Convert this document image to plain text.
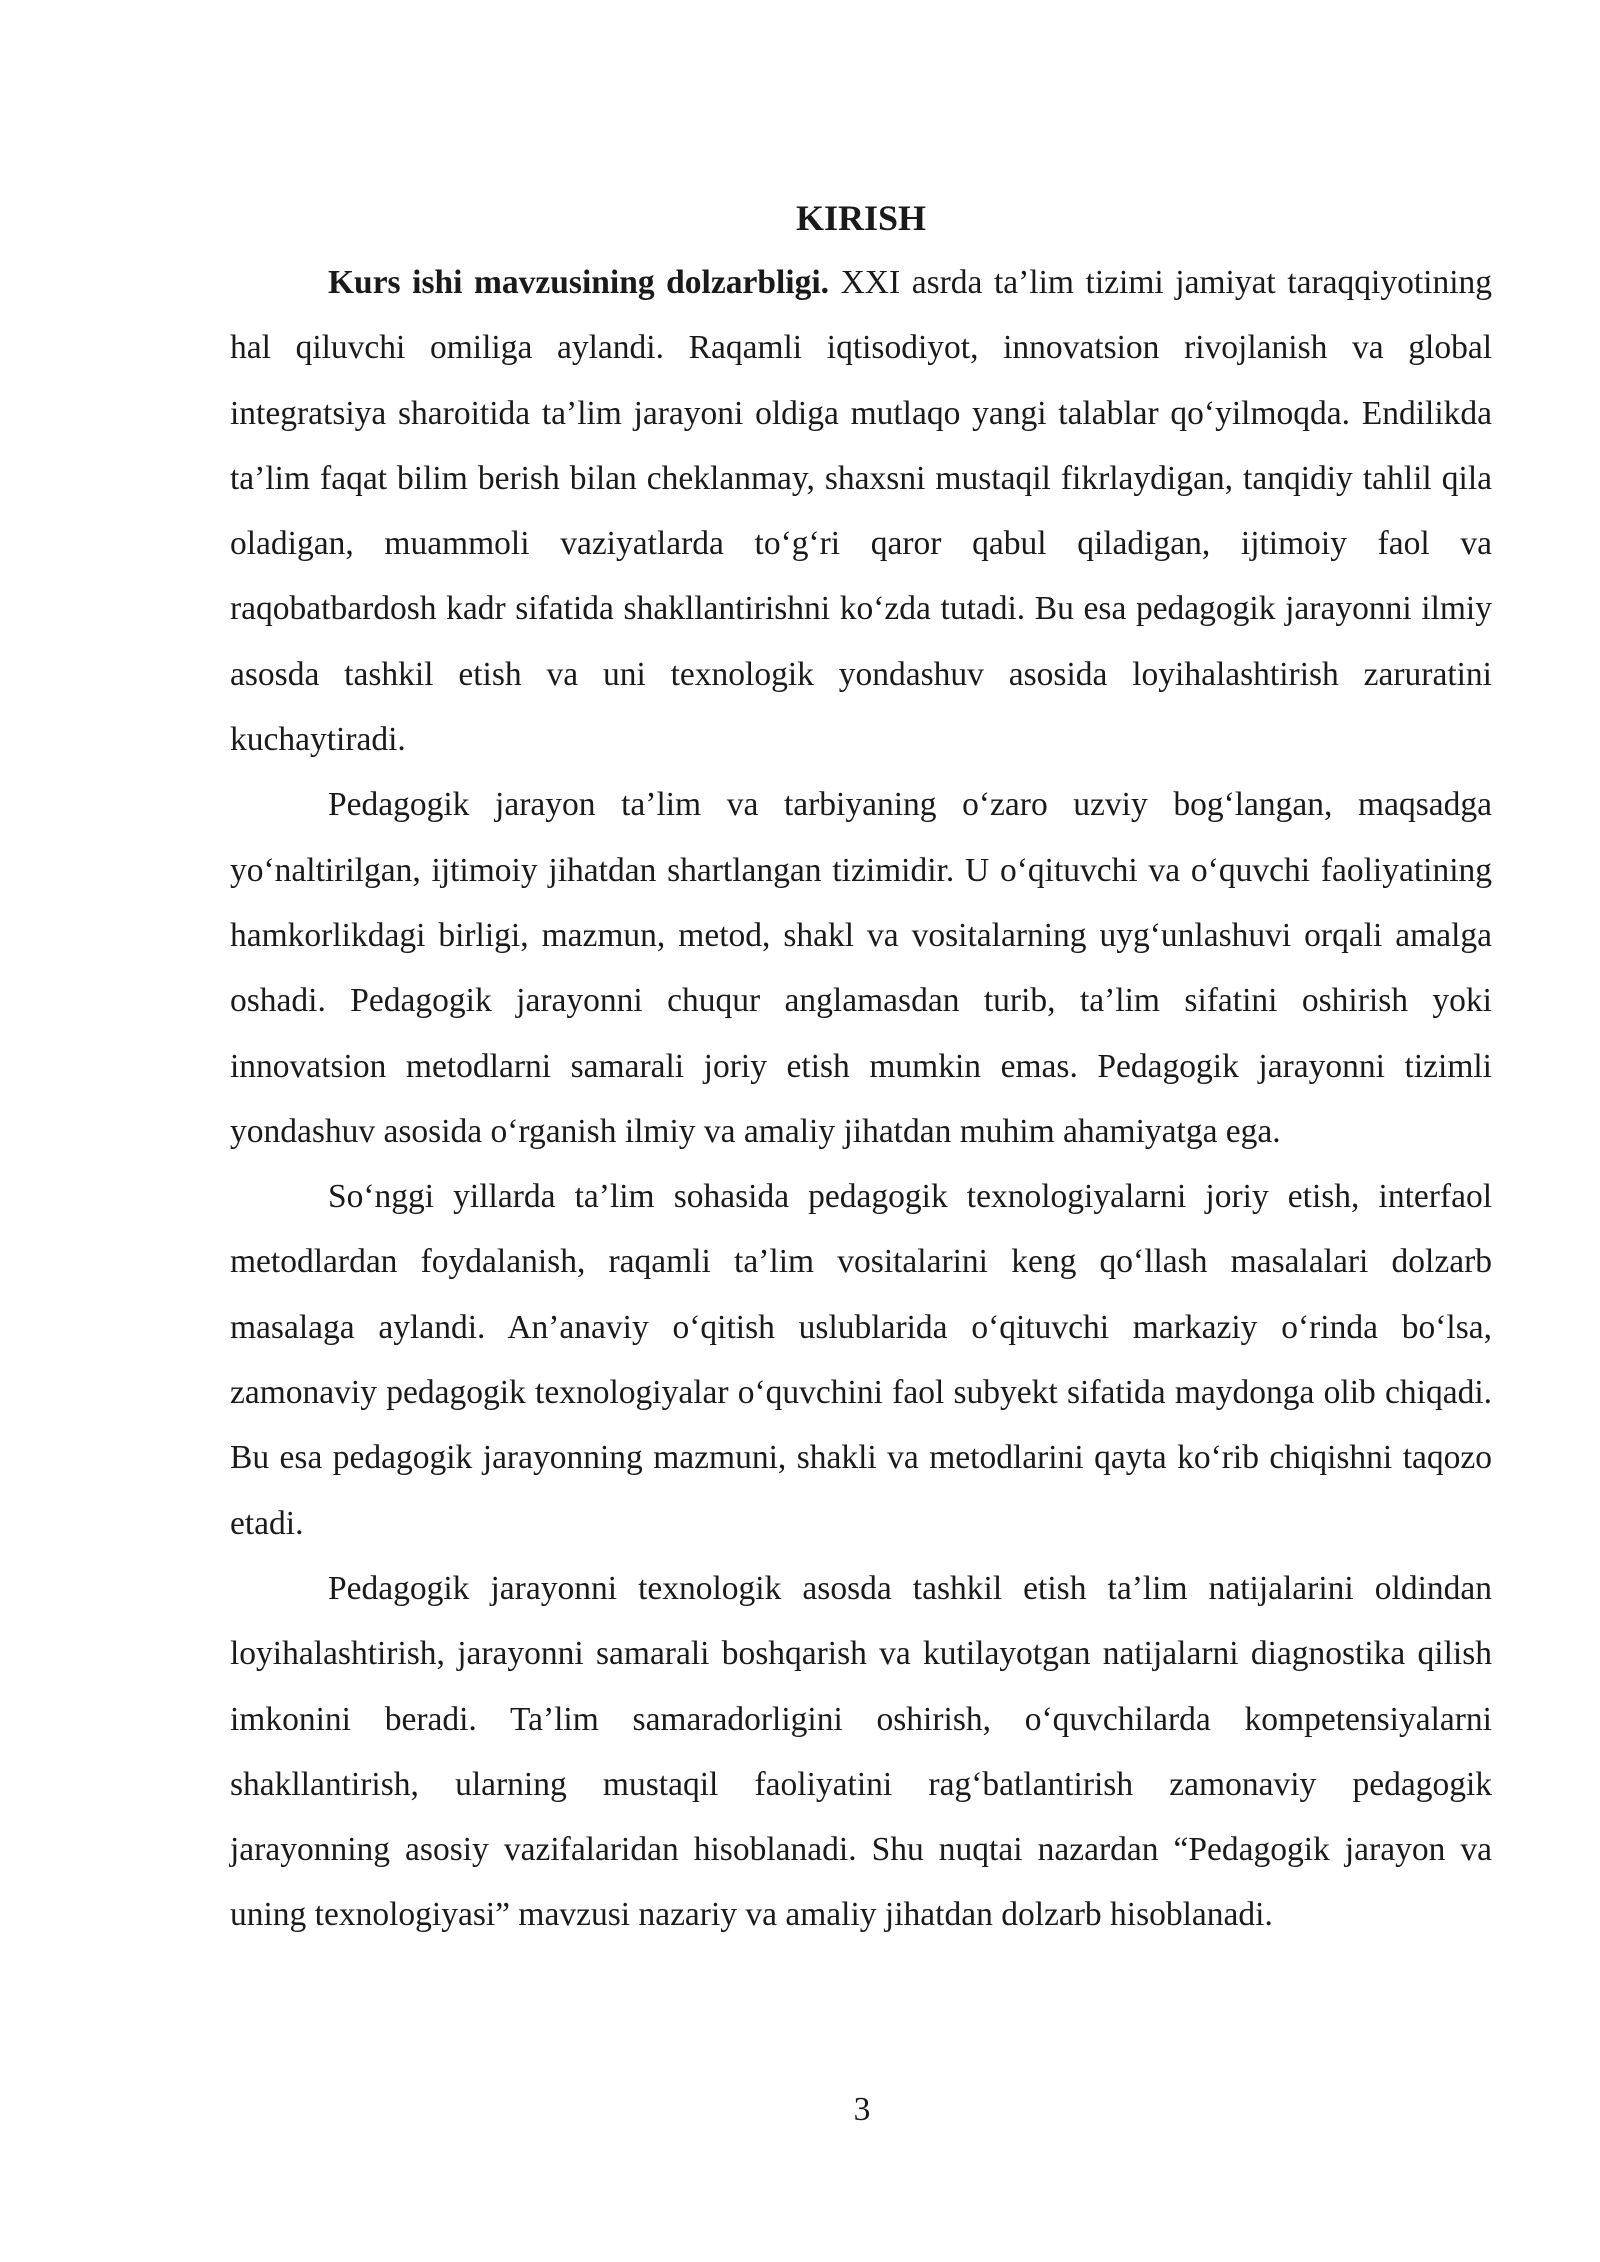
KIRISH

Kurs ishi mavzusining dolzarbligi. XXI asrda ta’lim tizimi jamiyat taraqqiyotining hal qiluvchi omiliga aylandi. Raqamli iqtisodiyot, innovatsion rivojlanish va global integratsiya sharoitida ta’lim jarayoni oldiga mutlaqo yangi talablar qo‘yilmoqda. Endilikda ta’lim faqat bilim berish bilan cheklanmay, shaxsni mustaqil fikrlaydigan, tanqidiy tahlil qila oladigan, muammoli vaziyatlarda to‘g‘ri qaror qabul qiladigan, ijtimoiy faol va raqobatbardosh kadr sifatida shakllantirishni ko‘zda tutadi. Bu esa pedagogik jarayonni ilmiy asosda tashkil etish va uni texnologik yondashuv asosida loyihalashtirish zaruratini kuchaytiradi.

Pedagogik jarayon ta’lim va tarbiyaning o‘zaro uzviy bog‘langan, maqsadga yo‘naltirilgan, ijtimoiy jihatdan shartlangan tizimidir. U o‘qituvchi va o‘quvchi faoliyatining hamkorlikdagi birligi, mazmun, metod, shakl va vositalarning uyg‘unlashuvi orqali amalga oshadi. Pedagogik jarayonni chuqur anglamasdan turib, ta’lim sifatini oshirish yoki innovatsion metodlarni samarali joriy etish mumkin emas. Pedagogik jarayonni tizimli yondashuv asosida o‘rganish ilmiy va amaliy jihatdan muhim ahamiyatga ega.

So‘nggi yillarda ta’lim sohasida pedagogik texnologiyalarni joriy etish, interfaol metodlardan foydalanish, raqamli ta’lim vositalarini keng qo‘llash masalalari dolzarb masalaga aylandi. An’anaviy o‘qitish uslublarida o‘qituvchi markaziy o‘rinda bo‘lsa, zamonaviy pedagogik texnologiyalar o‘quvchini faol subyekt sifatida maydonga olib chiqadi. Bu esa pedagogik jarayonning mazmuni, shakli va metodlarini qayta ko‘rib chiqishni taqozo etadi.

Pedagogik jarayonni texnologik asosda tashkil etish ta’lim natijalarini oldindan loyihalashtirish, jarayonni samarali boshqarish va kutilayotgan natijalarni diagnostika qilish imkonini beradi. Ta’lim samaradorligini oshirish, o‘quvchilarda kompetensiyalarni shakllantirish, ularning mustaqil faoliyatini rag‘batlantirish zamonaviy pedagogik jarayonning asosiy vazifalaridan hisoblanadi. Shu nuqtai nazardan “Pedagogik jarayon va uning texnologiyasi” mavzusi nazariy va amaliy jihatdan dolzarb hisoblanadi.

3
